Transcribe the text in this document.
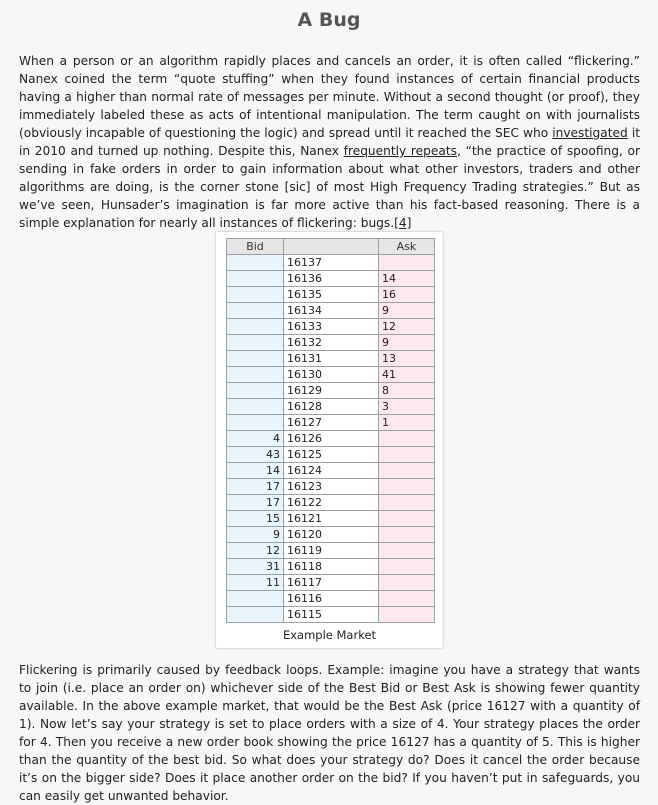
A Bug
When a person or an algorithm rapidly places and cancels an order, it is often called “flickering.” Nanex coined the term “quote stuffing” when they found instances of certain financial products having a higher than normal rate of messages per minute. Without a second thought (or proof), they immediately labeled these as acts of intentional manipulation. The term caught on with journalists (obviously incapable of questioning the logic) and spread until it reached the SEC who investigated it in 2010 and turned up nothing. Despite this, Nanex frequently repeats, “the practice of spoofing, or sending in fake orders in order to gain information about what other investors, traders and other algorithms are doing, is the corner stone [sic] of most High Frequency Trading strategies.” But as we’ve seen, Hunsader’s imagination is far more active than his fact-based reasoning. There is a simple explanation for nearly all instances of flickering: bugs.[4]
Bid		Ask
	16137	
	16136	14
	16135	16
	16134	9
	16133	12
	16132	9
	16131	13
	16130	41
	16129	8
	16128	3
	16127	1
4	16126	
43	16125	
14	16124	
17	16123	
17	16122	
15	16121	
9	16120	
12	16119	
31	16118	
11	16117	
	16116	
	16115	
Example Market
Flickering is primarily caused by feedback loops. Example: imagine you have a strategy that wants to join (i.e. place an order on) whichever side of the Best Bid or Best Ask is showing fewer quantity available. In the above example market, that would be the Best Ask (price 16127 with a quantity of 1). Now let’s say your strategy is set to place orders with a size of 4. Your strategy places the order for 4. Then you receive a new order book showing the price 16127 has a quantity of 5. This is higher than the quantity of the best bid. So what does your strategy do? Does it cancel the order because it’s on the bigger side? Does it place another order on the bid? If you haven’t put in safeguards, you can easily get unwanted behavior.
